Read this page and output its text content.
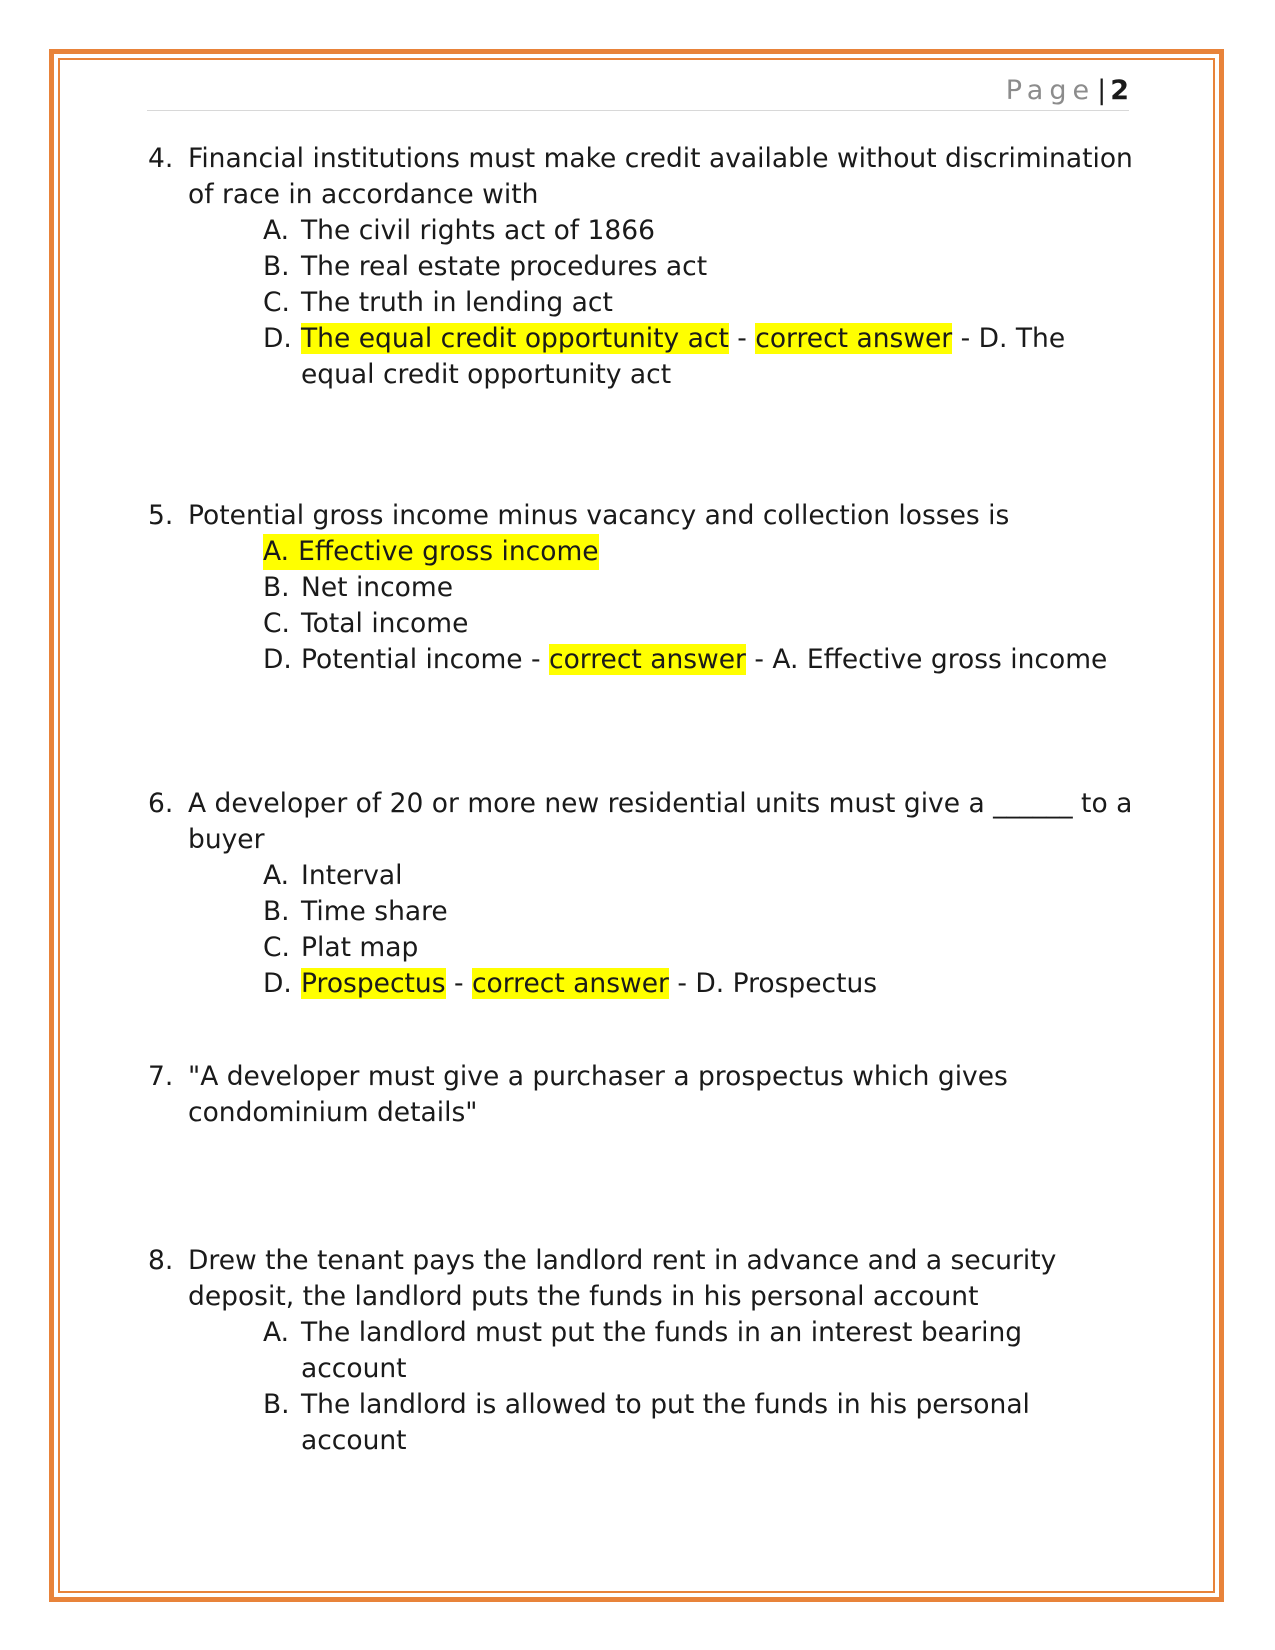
Page| 2
4. Financial institutions must make credit available without discrimination of race in accordance with
A. The civil rights act of 1866
B. The real estate procedures act
C. The truth in lending act
D. The equal credit opportunity act - correct answer - D. The equal credit opportunity act
5. Potential gross income minus vacancy and collection losses is
A. Effective gross income
B. Net income
C. Total income
D. Potential income - correct answer - A. Effective gross income
6. A developer of 20 or more new residential units must give a ______ to a buyer
A. Interval
B. Time share
C. Plat map
D. Prospectus - correct answer - D. Prospectus
7. "A developer must give a purchaser a prospectus which gives condominium details"
8. Drew the tenant pays the landlord rent in advance and a security deposit, the landlord puts the funds in his personal account
A. The landlord must put the funds in an interest bearing account
B. The landlord is allowed to put the funds in his personal account
